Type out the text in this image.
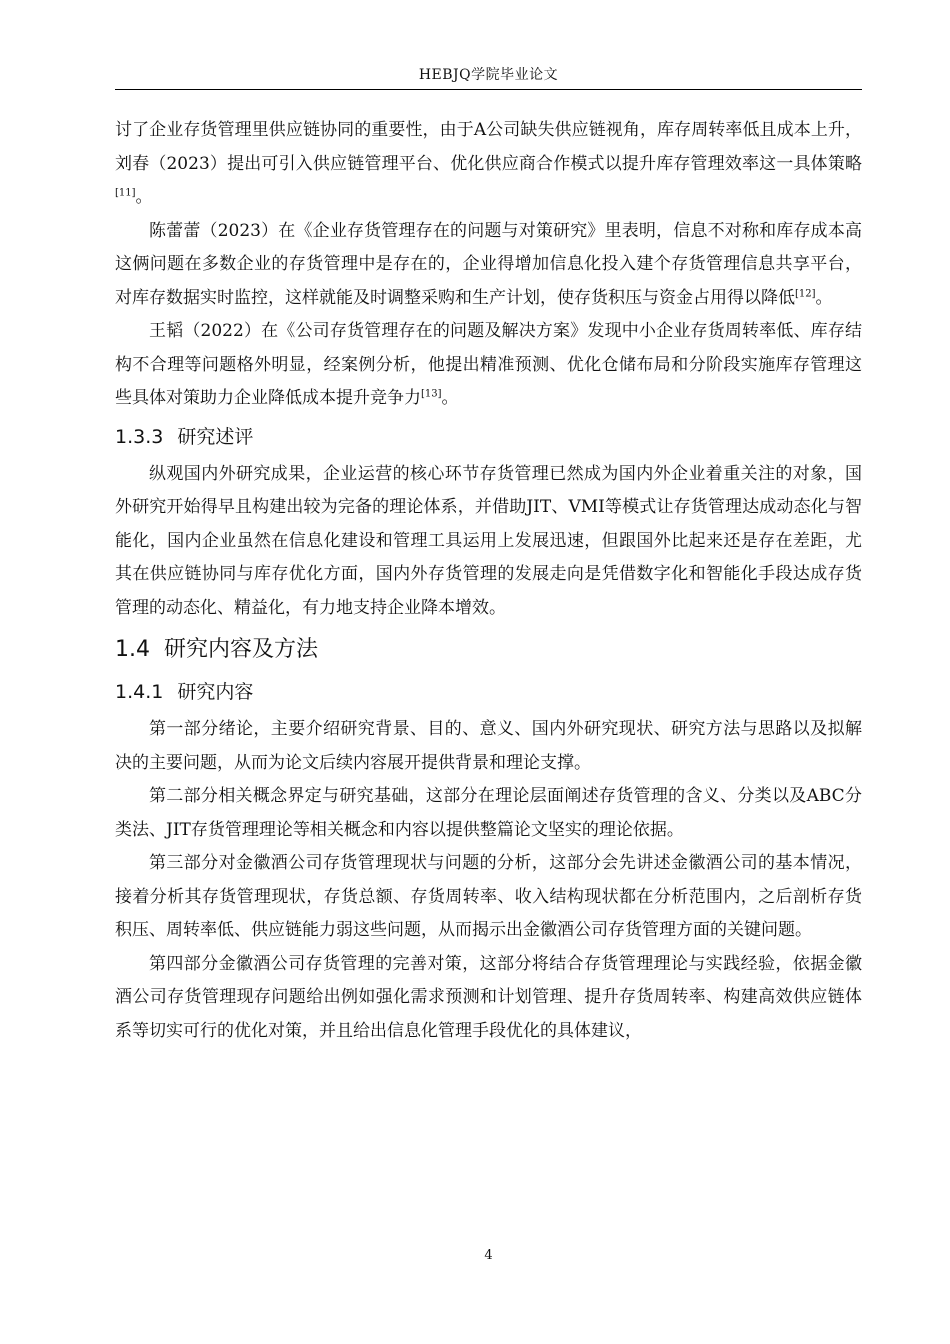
HEBJQ学院毕业论文

讨了企业存货管理里供应链协同的重要性，由于A公司缺失供应链视角，库存周转率低且成本上升，刘春（2023）提出可引入供应链管理平台、优化供应商合作模式以提升库存管理效率这一具体策略[11]。

陈蕾蕾（2023）在《企业存货管理存在的问题与对策研究》里表明，信息不对称和库存成本高这俩问题在多数企业的存货管理中是存在的，企业得增加信息化投入建个存货管理信息共享平台，对库存数据实时监控，这样就能及时调整采购和生产计划，使存货积压与资金占用得以降低[12]。

王韬（2022）在《公司存货管理存在的问题及解决方案》发现中小企业存货周转率低、库存结构不合理等问题格外明显，经案例分析，他提出精准预测、优化仓储布局和分阶段实施库存管理这些具体对策助力企业降低成本提升竞争力[13]。

1.3.3 研究述评

纵观国内外研究成果，企业运营的核心环节存货管理已然成为国内外企业着重关注的对象，国外研究开始得早且构建出较为完备的理论体系，并借助JIT、VMI等模式让存货管理达成动态化与智能化，国内企业虽然在信息化建设和管理工具运用上发展迅速，但跟国外比起来还是存在差距，尤其在供应链协同与库存优化方面，国内外存货管理的发展走向是凭借数字化和智能化手段达成存货管理的动态化、精益化，有力地支持企业降本增效。

1.4 研究内容及方法
1.4.1 研究内容

第一部分绪论，主要介绍研究背景、目的、意义、国内外研究现状、研究方法与思路以及拟解决的主要问题，从而为论文后续内容展开提供背景和理论支撑。

第二部分相关概念界定与研究基础，这部分在理论层面阐述存货管理的含义、分类以及ABC分类法、JIT存货管理理论等相关概念和内容以提供整篇论文坚实的理论依据。

第三部分对金徽酒公司存货管理现状与问题的分析，这部分会先讲述金徽酒公司的基本情况，接着分析其存货管理现状，存货总额、存货周转率、收入结构现状都在分析范围内，之后剖析存货积压、周转率低、供应链能力弱这些问题，从而揭示出金徽酒公司存货管理方面的关键问题。

第四部分金徽酒公司存货管理的完善对策，这部分将结合存货管理理论与实践经验，依据金徽酒公司存货管理现存问题给出例如强化需求预测和计划管理、提升存货周转率、构建高效供应链体系等切实可行的优化对策，并且给出信息化管理手段优化的具体建议，

4
